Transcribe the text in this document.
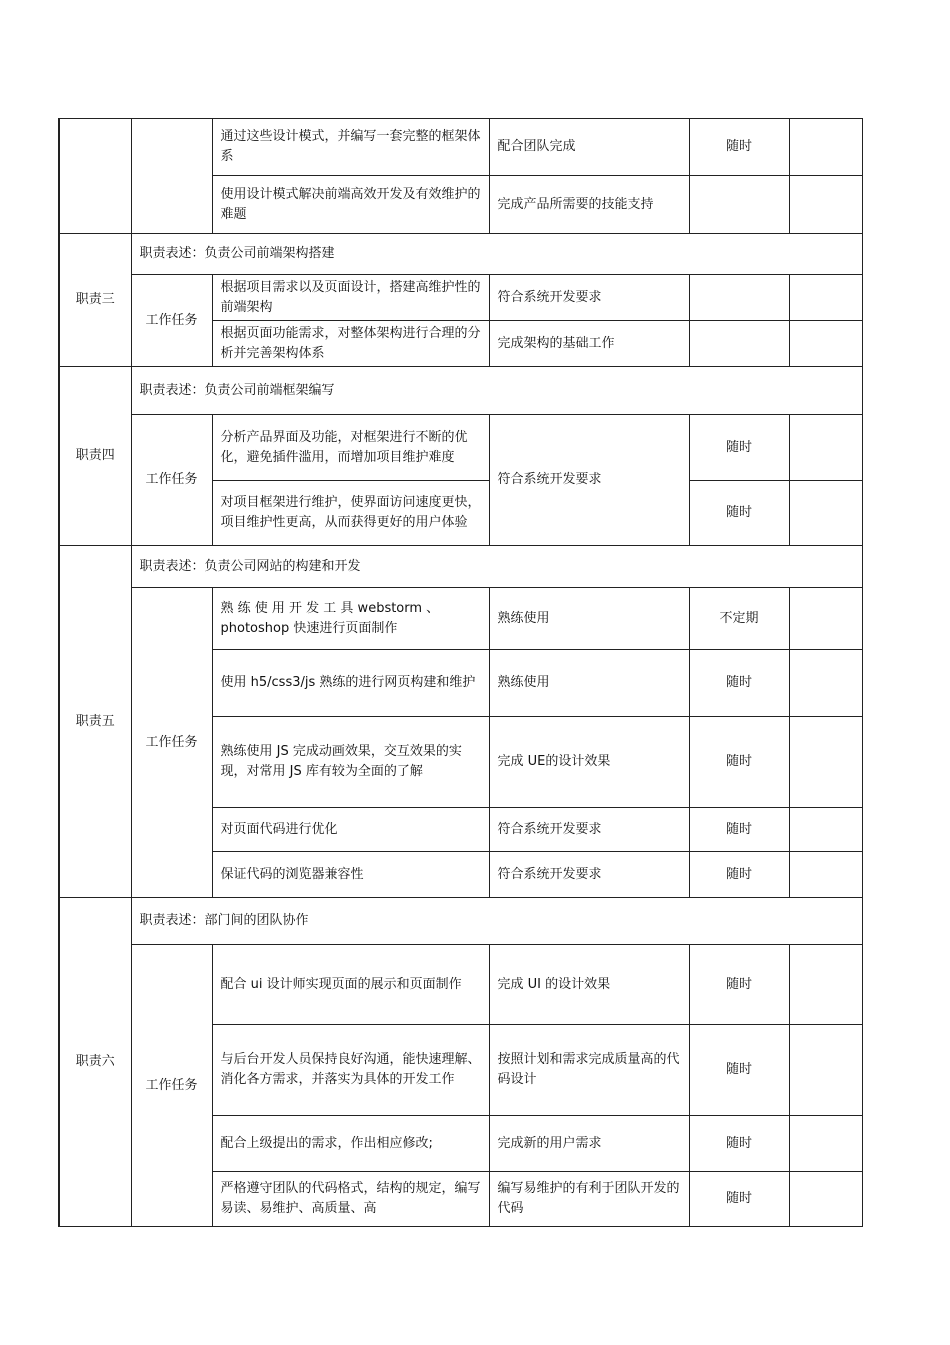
		通过这些设计模式，并编写一套完整的框架体系	配合团队完成	随时	
		使用设计模式解决前端高效开发及有效维护的难题	完成产品所需要的技能支持		
职责三	职责表述：负责公司前端架构搭建				
	工作任务	根据项目需求以及页面设计，搭建高维护性的前端架构	符合系统开发要求		
		根据页面功能需求，对整体架构进行合理的分析并完善架构体系	完成架构的基础工作		
职责四	职责表述：负责公司前端框架编写				
	工作任务	分析产品界面及功能，对框架进行不断的优化，避免插件滥用，而增加项目维护难度	符合系统开发要求	随时	
		对项目框架进行维护，使界面访问速度更快，项目维护性更高，从而获得更好的用户体验		随时	
职责五	职责表述：负责公司网站的构建和开发				
	工作任务	熟 练 使 用 开 发 工 具 webstorm 、photoshop 快速进行页面制作	熟练使用	不定期	
		使用 h5/css3/js 熟练的进行网页构建和维护	熟练使用	随时	
		熟练使用 JS 完成动画效果，交互效果的实现，对常用 JS 库有较为全面的了解	完成 UE的设计效果	随时	
		对页面代码进行优化	符合系统开发要求	随时	
		保证代码的浏览器兼容性	符合系统开发要求	随时	
职责六	职责表述：部门间的团队协作				
	工作任务	配合 ui 设计师实现页面的展示和页面制作	完成 UI 的设计效果	随时	
		与后台开发人员保持良好沟通，能快速理解、消化各方需求，并落实为具体的开发工作	按照计划和需求完成质量高的代码设计	随时	
		配合上级提出的需求，作出相应修改;	完成新的用户需求	随时	
		严格遵守团队的代码格式，结构的规定，编写易读、易维护、高质量、高	编写易维护的有利于团队开发的代码	随时	
